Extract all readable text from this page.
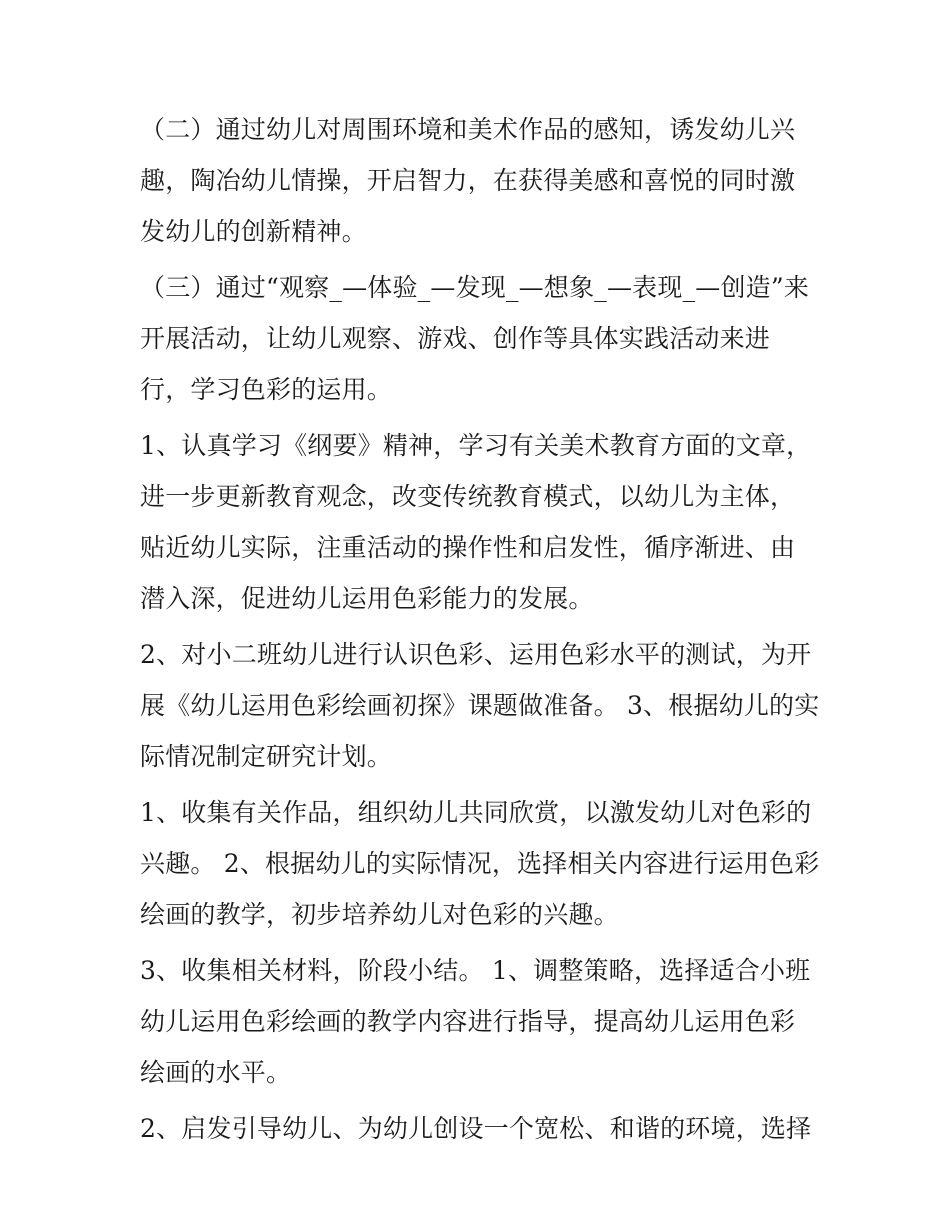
（二）通过幼儿对周围环境和美术作品的感知，诱发幼儿兴趣，陶冶幼儿情操，开启智力，在获得美感和喜悦的同时激发幼儿的创新精神。

（三）通过“观察_—体验_—发现_—想象_—表现_—创造”来开展活动，让幼儿观察、游戏、创作等具体实践活动来进行，学习色彩的运用。

1、认真学习《纲要》精神，学习有关美术教育方面的文章，进一步更新教育观念，改变传统教育模式，以幼儿为主体，贴近幼儿实际，注重活动的操作性和启发性，循序渐进、由潜入深，促进幼儿运用色彩能力的发展。

2、对小二班幼儿进行认识色彩、运用色彩水平的测试，为开展《幼儿运用色彩绘画初探》课题做准备。 3、根据幼儿的实际情况制定研究计划。

1、收集有关作品，组织幼儿共同欣赏，以激发幼儿对色彩的兴趣。 2、根据幼儿的实际情况，选择相关内容进行运用色彩绘画的教学，初步培养幼儿对色彩的兴趣。

3、收集相关材料，阶段小结。 1、调整策略，选择适合小班幼儿运用色彩绘画的教学内容进行指导，提高幼儿运用色彩绘画的水平。

2、启发引导幼儿、为幼儿创设一个宽松、和谐的环境，选择
